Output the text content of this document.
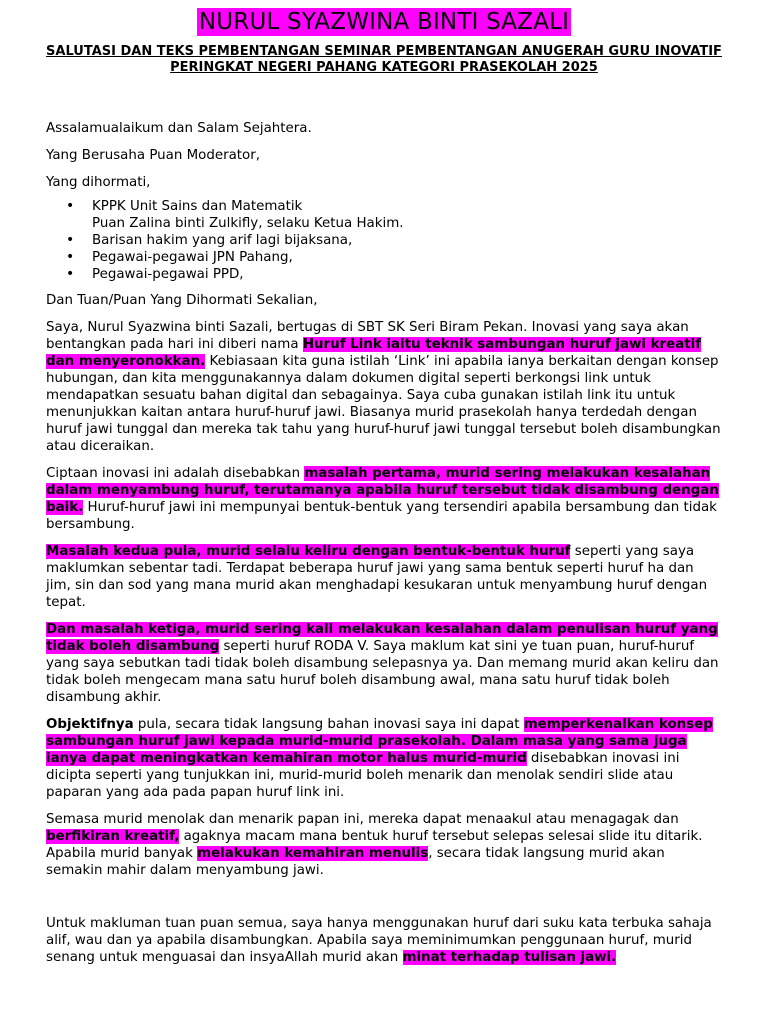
NURUL SYAZWINA BINTI SAZALI

SALUTASI DAN TEKS PEMBENTANGAN SEMINAR PEMBENTANGAN ANUGERAH GURU INOVATIF PERINGKAT NEGERI PAHANG KATEGORI PRASEKOLAH 2025

Assalamualaikum dan Salam Sejahtera.

Yang Berusaha Puan Moderator,

Yang dihormati,

• KPPK Unit Sains dan Matematik
Puan Zalina binti Zulkifly, selaku Ketua Hakim.
• Barisan hakim yang arif lagi bijaksana,
• Pegawai-pegawai JPN Pahang,
• Pegawai-pegawai PPD,

Dan Tuan/Puan Yang Dihormati Sekalian,

Saya, Nurul Syazwina binti Sazali, bertugas di SBT SK Seri Biram Pekan. Inovasi yang saya akan bentangkan pada hari ini diberi nama Huruf Link iaitu teknik sambungan huruf jawi kreatif dan menyeronokkan. Kebiasaan kita guna istilah ‘Link’ ini apabila ianya berkaitan dengan konsep hubungan, dan kita menggunakannya dalam dokumen digital seperti berkongsi link untuk mendapatkan sesuatu bahan digital dan sebagainya. Saya cuba gunakan istilah link itu untuk menunjukkan kaitan antara huruf-huruf jawi. Biasanya murid prasekolah hanya terdedah dengan huruf jawi tunggal dan mereka tak tahu yang huruf-huruf jawi tunggal tersebut boleh disambungkan atau diceraikan.

Ciptaan inovasi ini adalah disebabkan masalah pertama, murid sering melakukan kesalahan dalam menyambung huruf, terutamanya apabila huruf tersebut tidak disambung dengan baik. Huruf-huruf jawi ini mempunyai bentuk-bentuk yang tersendiri apabila bersambung dan tidak bersambung.

Masalah kedua pula, murid selalu keliru dengan bentuk-bentuk huruf seperti yang saya maklumkan sebentar tadi. Terdapat beberapa huruf jawi yang sama bentuk seperti huruf ha dan jim, sin dan sod yang mana murid akan menghadapi kesukaran untuk menyambung huruf dengan tepat.

Dan masalah ketiga, murid sering kali melakukan kesalahan dalam penulisan huruf yang tidak boleh disambung seperti huruf RODA V. Saya maklum kat sini ye tuan puan, huruf-huruf yang saya sebutkan tadi tidak boleh disambung selepasnya ya. Dan memang murid akan keliru dan tidak boleh mengecam mana satu huruf boleh disambung awal, mana satu huruf tidak boleh disambung akhir.

Objektifnya pula, secara tidak langsung bahan inovasi saya ini dapat memperkenalkan konsep sambungan huruf jawi kepada murid-murid prasekolah. Dalam masa yang sama juga ianya dapat meningkatkan kemahiran motor halus murid-murid disebabkan inovasi ini dicipta seperti yang tunjukkan ini, murid-murid boleh menarik dan menolak sendiri slide atau paparan yang ada pada papan huruf link ini.

Semasa murid menolak dan menarik papan ini, mereka dapat menaakul atau menagagak dan berfikiran kreatif, agaknya macam mana bentuk huruf tersebut selepas selesai slide itu ditarik. Apabila murid banyak melakukan kemahiran menulis, secara tidak langsung murid akan semakin mahir dalam menyambung jawi.

Untuk makluman tuan puan semua, saya hanya menggunakan huruf dari suku kata terbuka sahaja alif, wau dan ya apabila disambungkan. Apabila saya meminimumkan penggunaan huruf, murid senang untuk menguasai dan insyaAllah murid akan minat terhadap tulisan jawi.
